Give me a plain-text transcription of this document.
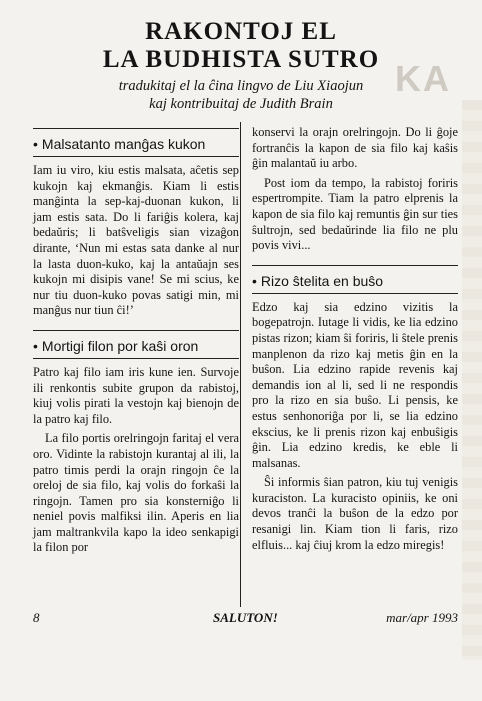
KA
RAKONTOJ EL
LA BUDHISTA SUTRO
tradukitaj el la ĉina lingvo de Liu Xiaojun
kaj kontribuitaj de Judith Brain
• Malsatanto manĝas kukon

Iam iu viro, kiu estis malsata, aĉetis sep kukojn kaj ekmanĝis. Kiam li estis manĝinta la sep-kaj-duonan kukon, li jam estis sata. Do li fariĝis kolera, kaj bedaŭris; li batŝveligis sian vizaĝon dirante, ‘Nun mi estas sata danke al nur la lasta duon-kuko, kaj la antaŭajn ses kukojn mi disipis vane! Se mi scius, ke nur tiu duon-kuko povas satigi min, mi manĝus nur tiun ĉi!’

• Mortigi filon por kaŝi oron

Patro kaj filo iam iris kune ien. Survoje ili renkontis subite grupon da rabistoj, kiuj volis pirati la vestojn kaj bienojn de la patro kaj filo.

La filo portis orelringojn faritaj el vera oro. Vidinte la rabistojn kurantaj al ili, la patro timis perdi la orajn ringojn ĉe la oreloj de sia filo, kaj volis do forkaŝi la ringojn. Tamen pro sia konsterniĝo li neniel povis malfiksi ilin. Aperis en lia jam maltrankvila kapo la ideo senkapigi la filon por

konservi la orajn orelringojn. Do li ĝoje fortranĉis la kapon de sia filo kaj kaŝis ĝin malantaŭ iu arbo.

Post iom da tempo, la rabistoj foriris espertrompite. Tiam la patro elprenis la kapon de sia filo kaj remuntis ĝin sur ties ŝultrojn, sed bedaŭrinde lia filo ne plu povis vivi...

• Rizo ŝtelita en buŝo

Edzo kaj sia edzino vizitis la bogepatrojn. Iutage li vidis, ke lia edzino pistas rizon; kiam ŝi foriris, li ŝtele prenis manplenon da rizo kaj metis ĝin en la buŝon. Lia edzino rapide revenis kaj demandis ion al li, sed li ne respondis pro la rizo en sia buŝo. Li pensis, ke estus senhonoriĝa por li, se lia edzino ekscius, ke li prenis rizon kaj enbuŝigis ĝin. Lia edzino kredis, ke eble li malsanas.

Ŝi informis ŝian patron, kiu tuj venigis kuraciston. La kuracisto opiniis, ke oni devos tranĉi la buŝon de la edzo por resanigi lin. Kiam tion li faris, rizo elfluis... kaj ĉiuj krom la edzo miregis!

8	SALUTON!	mar/apr 1993
